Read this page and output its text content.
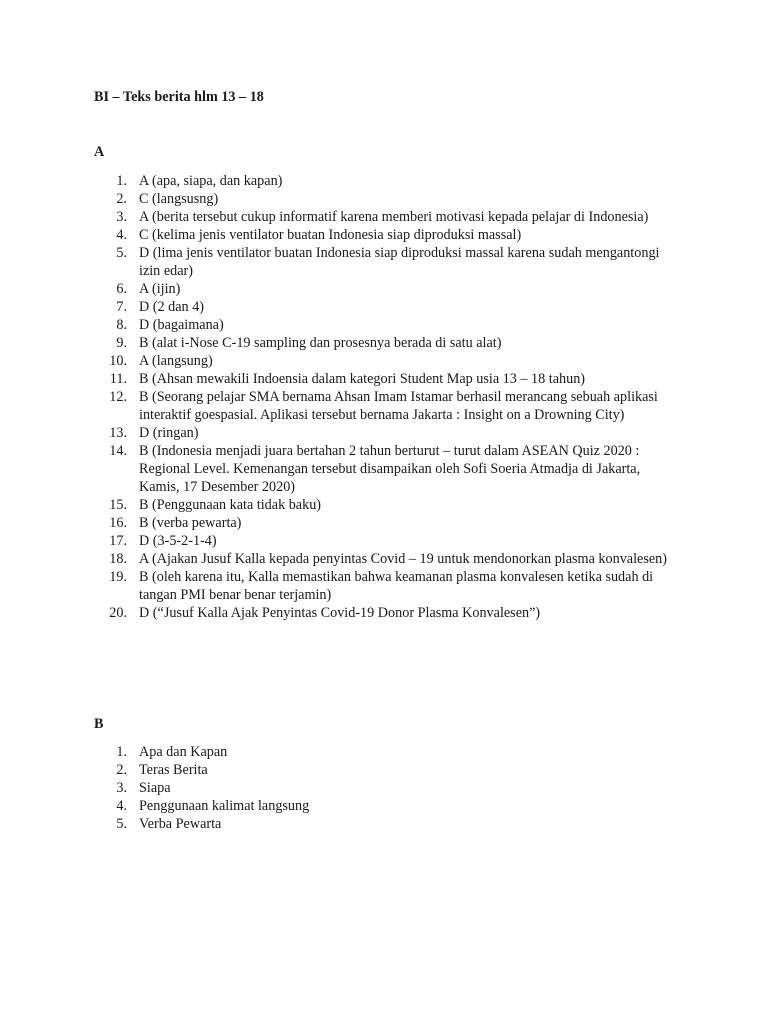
BI – Teks berita hlm 13 – 18
A
1. A (apa, siapa, dan kapan)
2. C (langsusng)
3. A (berita tersebut cukup informatif karena memberi motivasi kepada pelajar di Indonesia)
4. C (kelima jenis ventilator buatan Indonesia siap diproduksi massal)
5. D (lima jenis ventilator buatan Indonesia siap diproduksi massal karena sudah mengantongi izin edar)
6. A (ijin)
7. D (2 dan 4)
8. D (bagaimana)
9. B (alat i-Nose C-19 sampling dan prosesnya berada di satu alat)
10. A (langsung)
11. B (Ahsan mewakili Indoensia dalam kategori Student Map usia 13 – 18 tahun)
12. B (Seorang pelajar SMA bernama Ahsan Imam Istamar berhasil merancang sebuah aplikasi interaktif goespasial. Aplikasi tersebut bernama Jakarta : Insight on a Drowning City)
13. D (ringan)
14. B (Indonesia menjadi juara bertahan 2 tahun berturut – turut dalam ASEAN Quiz 2020 : Regional Level. Kemenangan tersebut disampaikan oleh Sofi Soeria Atmadja di Jakarta, Kamis, 17 Desember 2020)
15. B (Penggunaan kata tidak baku)
16. B (verba pewarta)
17. D (3-5-2-1-4)
18. A (Ajakan Jusuf Kalla kepada penyintas Covid – 19 untuk mendonorkan plasma konvalesen)
19. B (oleh karena itu, Kalla memastikan bahwa keamanan plasma konvalesen ketika sudah di tangan PMI benar benar terjamin)
20. D (“Jusuf Kalla Ajak Penyintas Covid-19 Donor Plasma Konvalesen”)
B
1. Apa dan Kapan
2. Teras Berita
3. Siapa
4. Penggunaan kalimat langsung
5. Verba Pewarta
